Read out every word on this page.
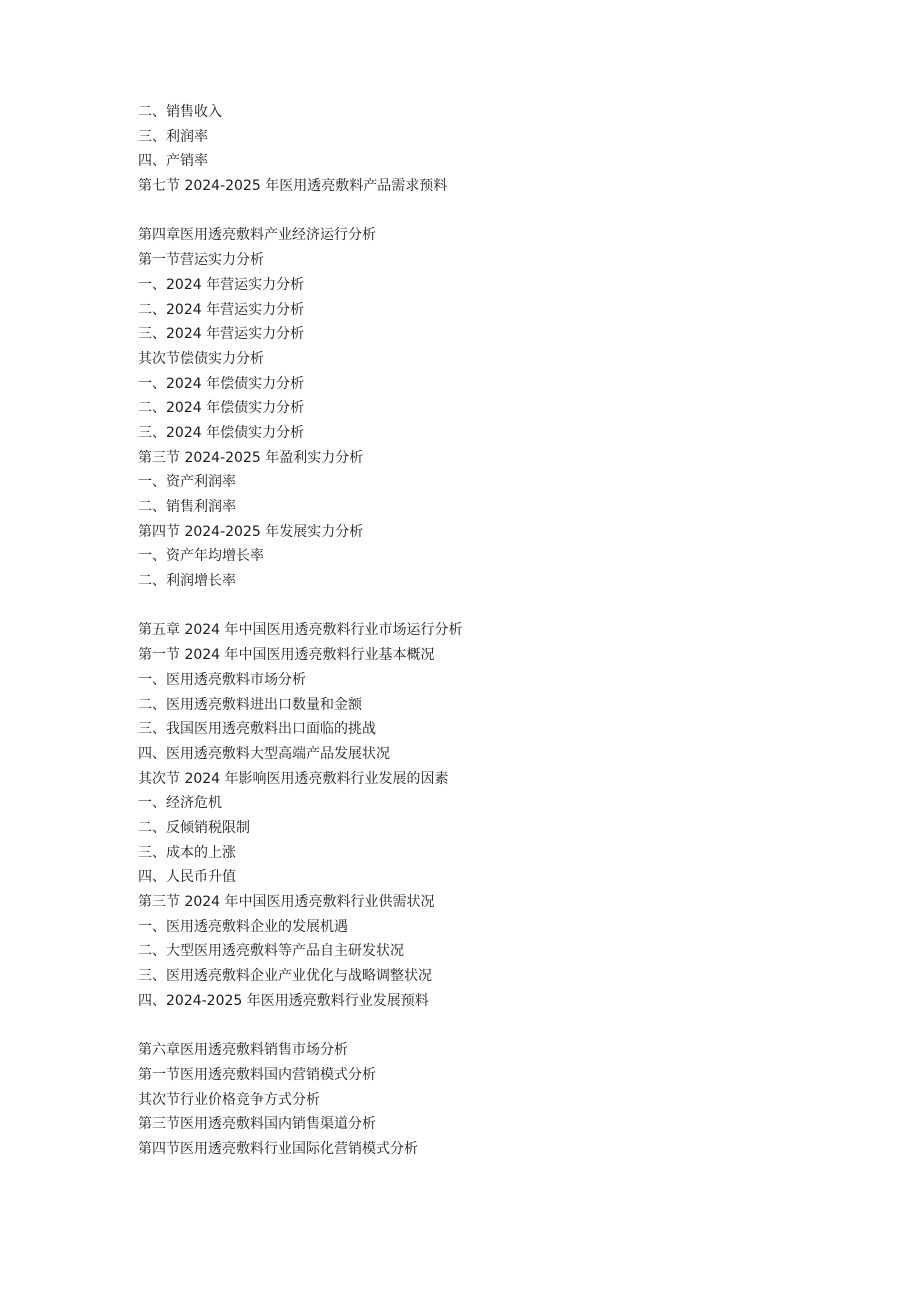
二、销售收入
三、利润率
四、产销率
第七节 2024-2025 年医用透亮敷料产品需求预料
第四章医用透亮敷料产业经济运行分析
第一节营运实力分析
一、2024 年营运实力分析
二、2024 年营运实力分析
三、2024 年营运实力分析
其次节偿债实力分析
一、2024 年偿债实力分析
二、2024 年偿债实力分析
三、2024 年偿债实力分析
第三节 2024-2025 年盈利实力分析
一、资产利润率
二、销售利润率
第四节 2024-2025 年发展实力分析
一、资产年均增长率
二、利润增长率
第五章 2024 年中国医用透亮敷料行业市场运行分析
第一节 2024 年中国医用透亮敷料行业基本概况
一、医用透亮敷料市场分析
二、医用透亮敷料进出口数量和金额
三、我国医用透亮敷料出口面临的挑战
四、医用透亮敷料大型高端产品发展状况
其次节 2024 年影响医用透亮敷料行业发展的因素
一、经济危机
二、反倾销税限制
三、成本的上涨
四、人民币升值
第三节 2024 年中国医用透亮敷料行业供需状况
一、医用透亮敷料企业的发展机遇
二、大型医用透亮敷料等产品自主研发状况
三、医用透亮敷料企业产业优化与战略调整状况
四、2024-2025 年医用透亮敷料行业发展预料
第六章医用透亮敷料销售市场分析
第一节医用透亮敷料国内营销模式分析
其次节行业价格竞争方式分析
第三节医用透亮敷料国内销售渠道分析
第四节医用透亮敷料行业国际化营销模式分析
